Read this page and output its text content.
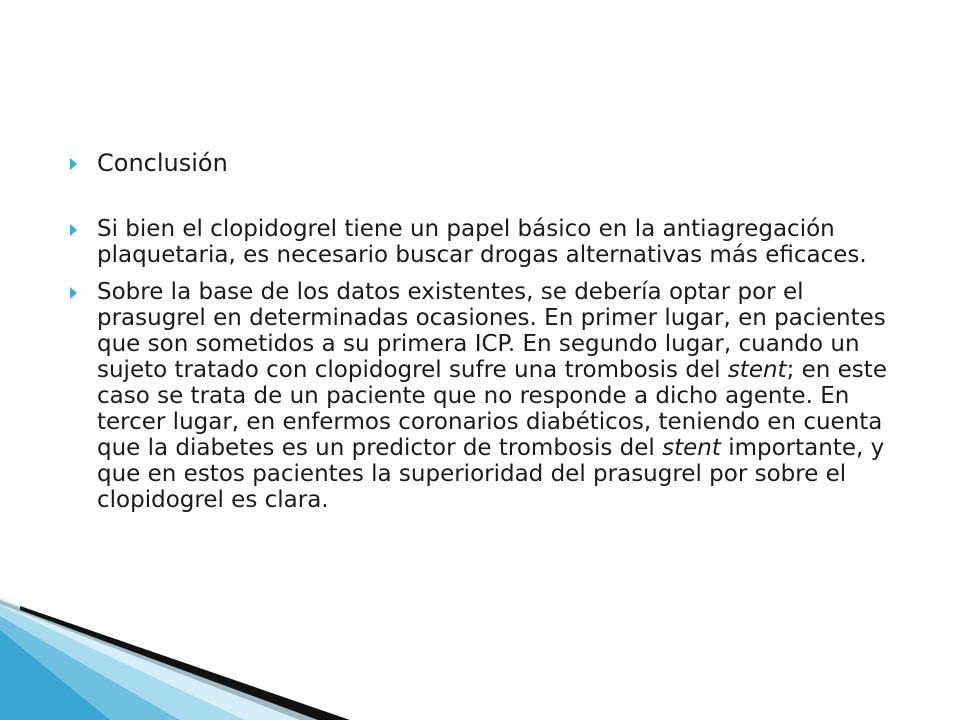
Conclusión
Si bien el clopidogrel tiene un papel básico en la antiagregación plaquetaria, es necesario buscar drogas alternativas más eficaces.
Sobre la base de los datos existentes, se debería optar por el prasugrel en determinadas ocasiones. En primer lugar, en pacientes que son sometidos a su primera ICP. En segundo lugar, cuando un sujeto tratado con clopidogrel sufre una trombosis del stent; en este caso se trata de un paciente que no responde a dicho agente. En tercer lugar, en enfermos coronarios diabéticos, teniendo en cuenta que la diabetes es un predictor de trombosis del stent importante, y que en estos pacientes la superioridad del prasugrel por sobre el clopidogrel es clara.
